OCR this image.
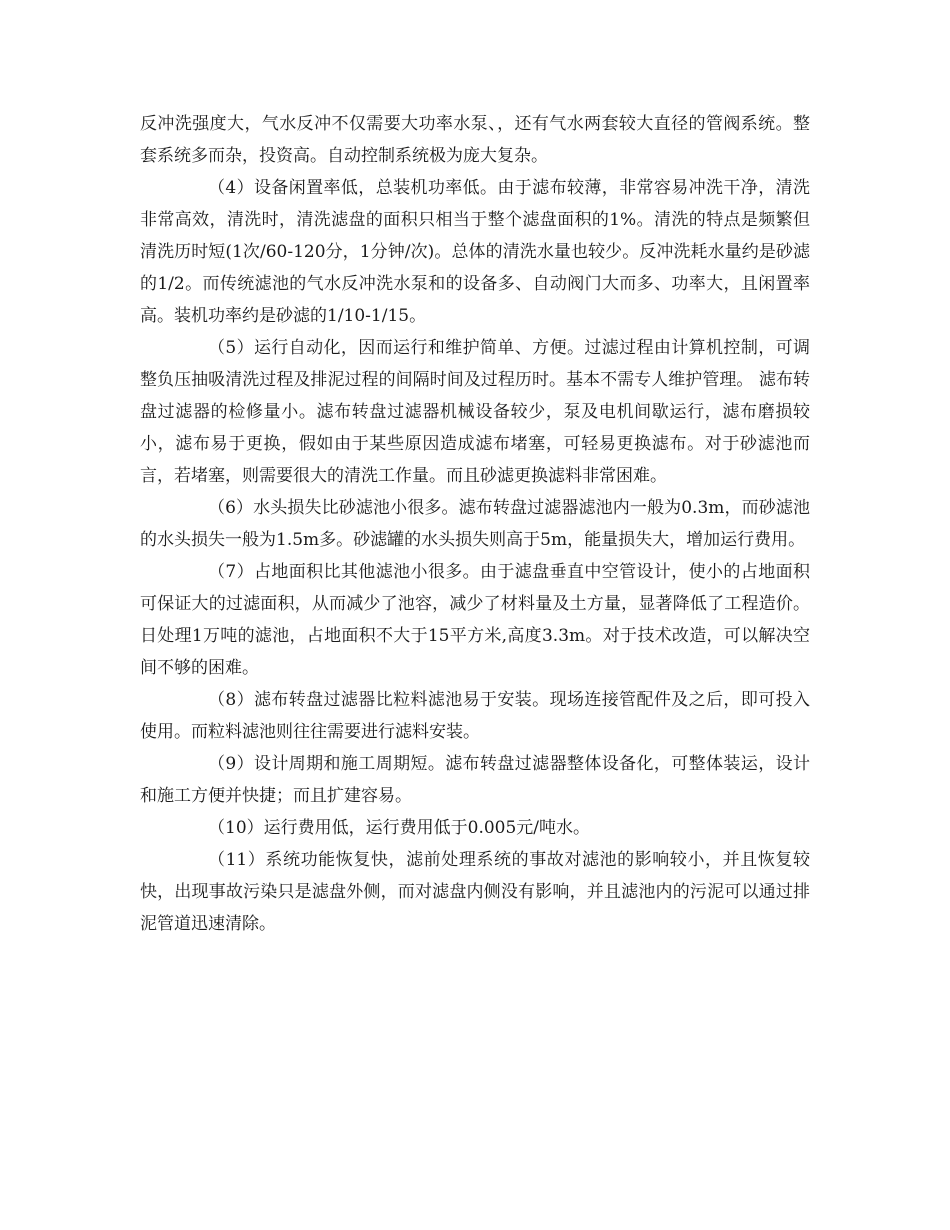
反冲洗强度大，气水反冲不仅需要大功率水泵、，还有气水两套较大直径的管阀系统。整套系统多而杂，投资高。自动控制系统极为庞大复杂。

（4）设备闲置率低，总装机功率低。由于滤布较薄，非常容易冲洗干净，清洗非常高效，清洗时，清洗滤盘的面积只相当于整个滤盘面积的1%。清洗的特点是频繁但清洗历时短(1次/60-120分，1分钟/次)。总体的清洗水量也较少。反冲洗耗水量约是砂滤的1/2。而传统滤池的气水反冲洗水泵和的设备多、自动阀门大而多、功率大，且闲置率高。装机功率约是砂滤的1/10-1/15。

（5）运行自动化，因而运行和维护简单、方便。过滤过程由计算机控制，可调整负压抽吸清洗过程及排泥过程的间隔时间及过程历时。基本不需专人维护管理。 滤布转盘过滤器的检修量小。滤布转盘过滤器机械设备较少，泵及电机间歇运行，滤布磨损较小，滤布易于更换，假如由于某些原因造成滤布堵塞，可轻易更换滤布。对于砂滤池而言，若堵塞，则需要很大的清洗工作量。而且砂滤更换滤料非常困难。

（6）水头损失比砂滤池小很多。滤布转盘过滤器滤池内一般为0.3m，而砂滤池的水头损失一般为1.5m多。砂滤罐的水头损失则高于5m，能量损失大，增加运行费用。

（7）占地面积比其他滤池小很多。由于滤盘垂直中空管设计，使小的占地面积可保证大的过滤面积，从而减少了池容，减少了材料量及土方量，显著降低了工程造价。日处理1万吨的滤池，占地面积不大于15平方米,高度3.3m。对于技术改造，可以解决空间不够的困难。

（8）滤布转盘过滤器比粒料滤池易于安装。现场连接管配件及之后，即可投入使用。而粒料滤池则往往需要进行滤料安装。

（9）设计周期和施工周期短。滤布转盘过滤器整体设备化，可整体装运，设计和施工方便并快捷；而且扩建容易。

（10）运行费用低，运行费用低于0.005元/吨水。

（11）系统功能恢复快，滤前处理系统的事故对滤池的影响较小，并且恢复较快，出现事故污染只是滤盘外侧，而对滤盘内侧没有影响，并且滤池内的污泥可以通过排泥管道迅速清除。
